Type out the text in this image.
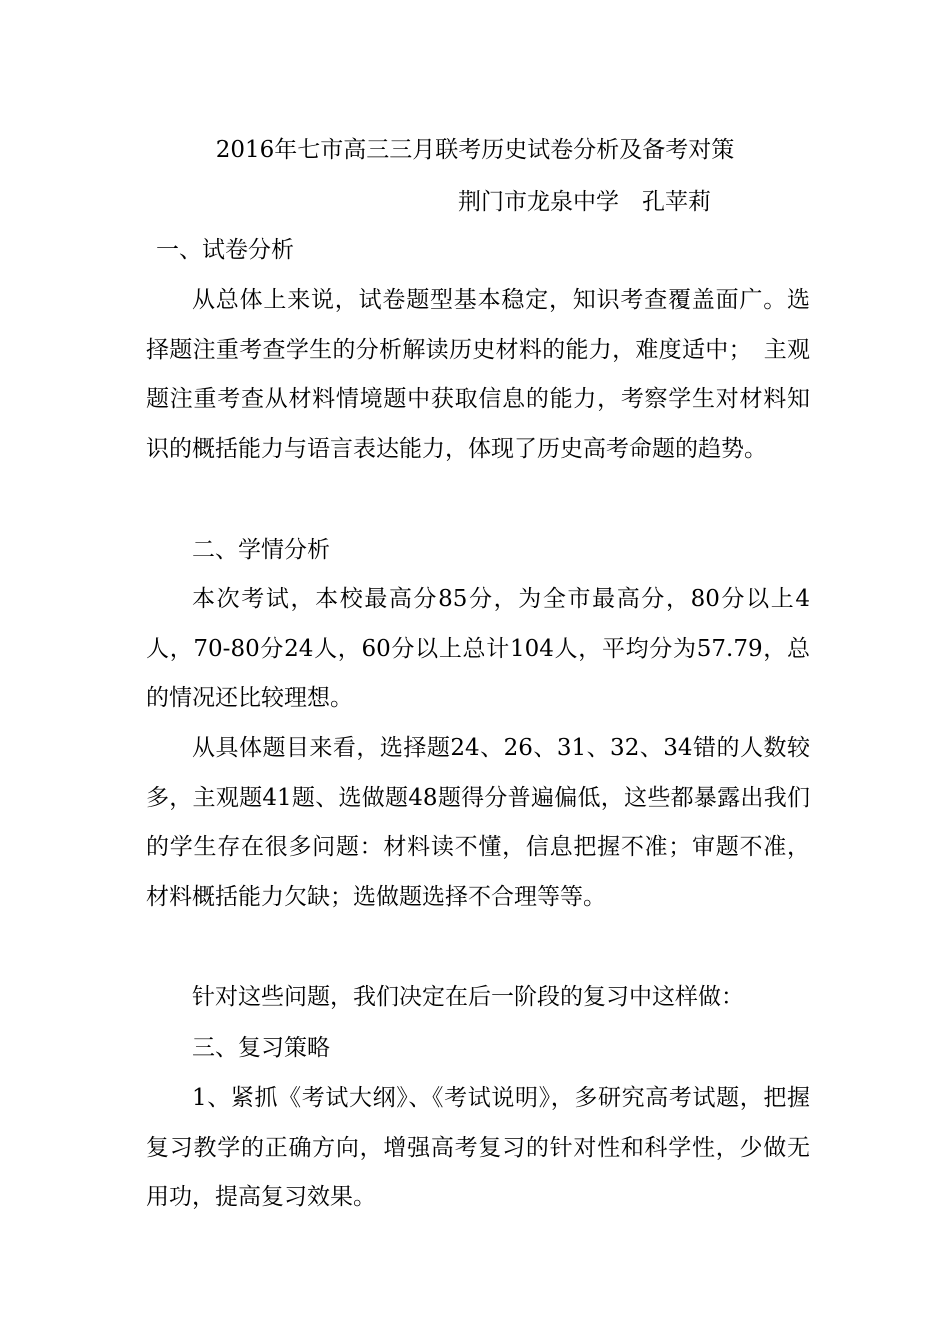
2016年七市高三三月联考历史试卷分析及备考对策
荆门市龙泉中学　孔苹莉
一、试卷分析

从总体上来说，试卷题型基本稳定，知识考查覆盖面广。选择题注重考查学生的分析解读历史材料的能力，难度适中；　主观题注重考查从材料情境题中获取信息的能力，考察学生对材料知识的概括能力与语言表达能力，体现了历史高考命题的趋势。

二、学情分析

本次考试，本校最高分85分，为全市最高分，80分以上4人，70-80分24人，60分以上总计104人，平均分为57.79，总的情况还比较理想。

从具体题目来看，选择题24、26、31、32、34错的人数较多，主观题41题、选做题48题得分普遍偏低，这些都暴露出我们的学生存在很多问题：材料读不懂，信息把握不准；审题不准，材料概括能力欠缺；选做题选择不合理等等。

针对这些问题，我们决定在后一阶段的复习中这样做：

三、复习策略

1、紧抓《考试大纲》、《考试说明》，多研究高考试题，把握复习教学的正确方向，增强高考复习的针对性和科学性，少做无用功，提高复习效果。
